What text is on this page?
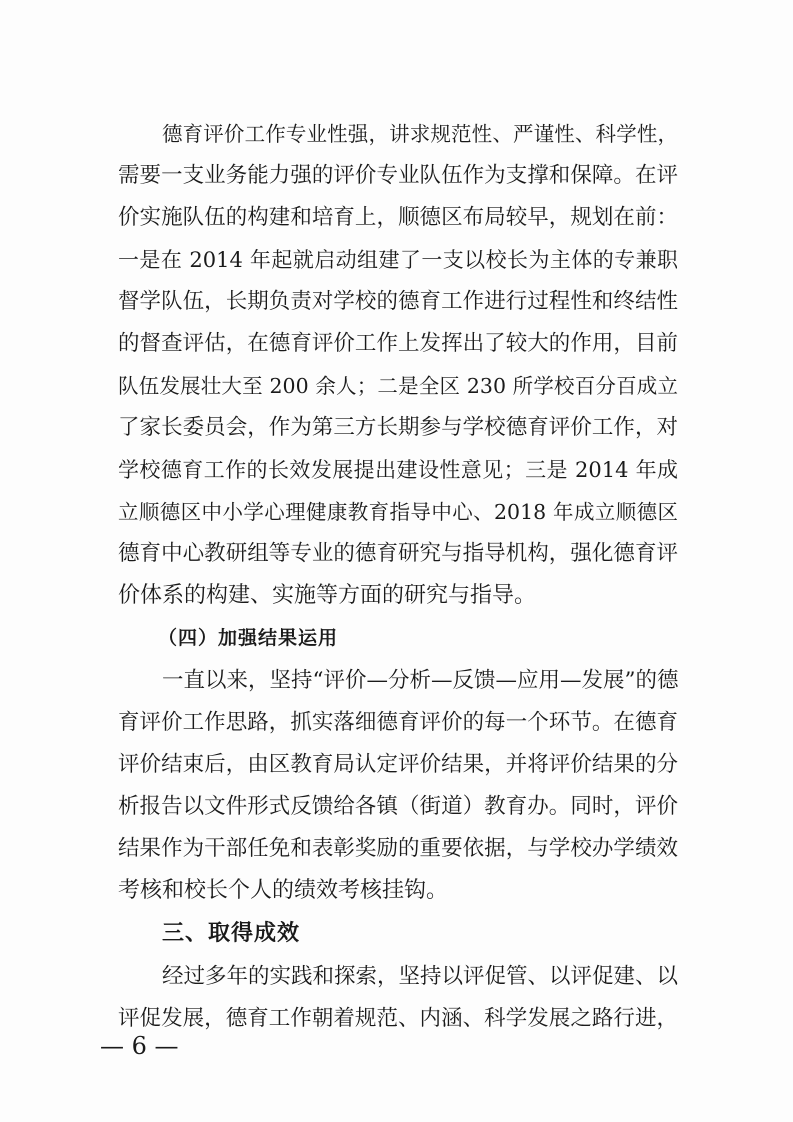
德育评价工作专业性强，讲求规范性、严谨性、科学性，
需要一支业务能力强的评价专业队伍作为支撑和保障。在评
价实施队伍的构建和培育上，顺德区布局较早，规划在前：
一是在 2014 年起就启动组建了一支以校长为主体的专兼职
督学队伍，长期负责对学校的德育工作进行过程性和终结性
的督查评估，在德育评价工作上发挥出了较大的作用，目前
队伍发展壮大至 200 余人；二是全区 230 所学校百分百成立
了家长委员会，作为第三方长期参与学校德育评价工作，对
学校德育工作的长效发展提出建设性意见；三是 2014 年成
立顺德区中小学心理健康教育指导中心、2018 年成立顺德区
德育中心教研组等专业的德育研究与指导机构，强化德育评
价体系的构建、实施等方面的研究与指导。
（四）加强结果运用
一直以来，坚持“评价—分析—反馈—应用—发展”的德
育评价工作思路，抓实落细德育评价的每一个环节。在德育
评价结束后，由区教育局认定评价结果，并将评价结果的分
析报告以文件形式反馈给各镇（街道）教育办。同时，评价
结果作为干部任免和表彰奖励的重要依据，与学校办学绩效
考核和校长个人的绩效考核挂钩。
三、取得成效
经过多年的实践和探索，坚持以评促管、以评促建、以
评促发展，德育工作朝着规范、内涵、科学发展之路行进，
— 6 —
